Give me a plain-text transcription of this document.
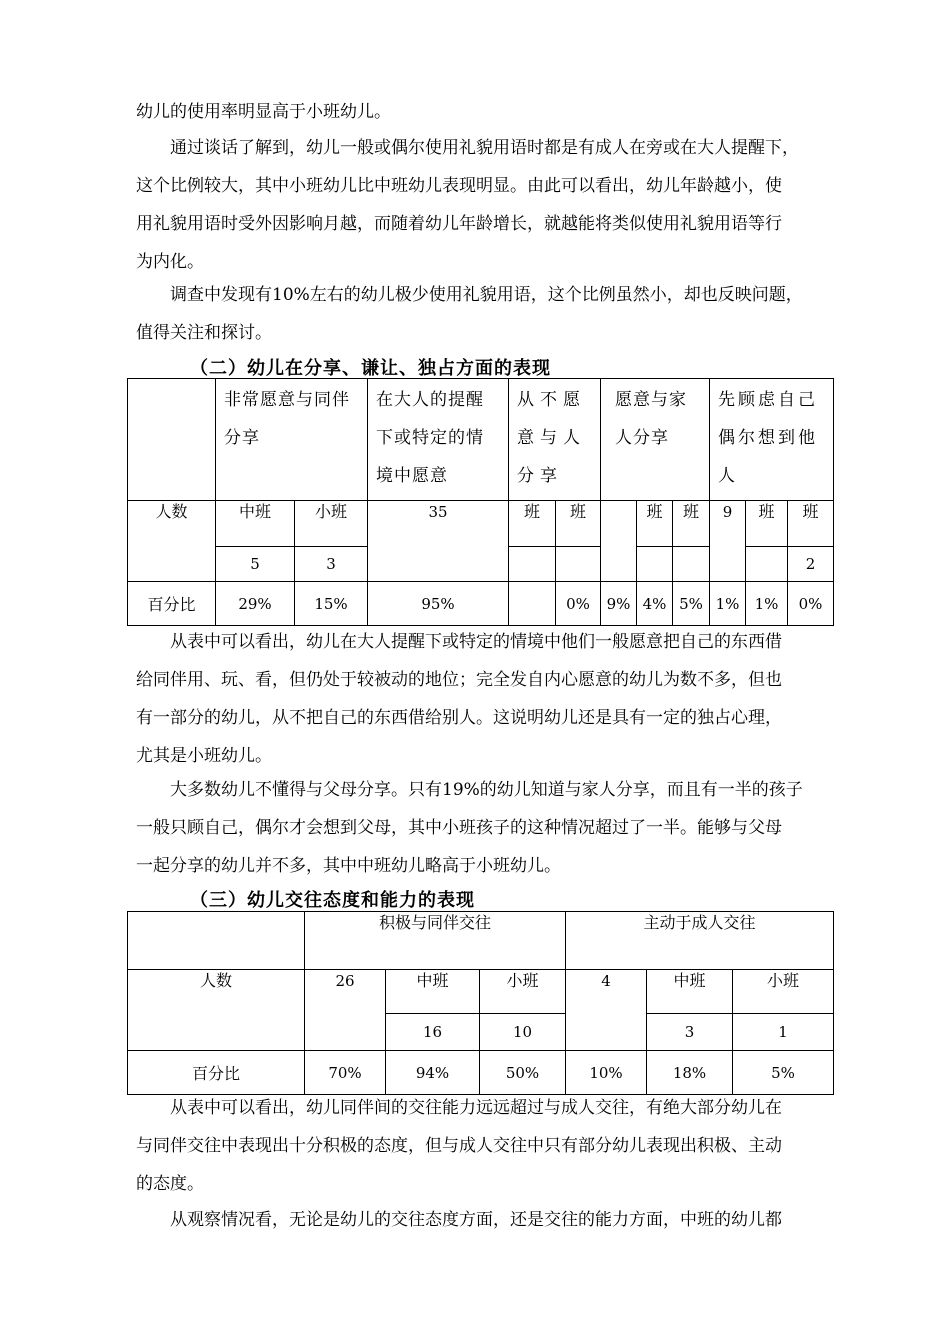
幼儿的使用率明显高于小班幼儿。
　　通过谈话了解到，幼儿一般或偶尔使用礼貌用语时都是有成人在旁或在大人提醒下，
这个比例较大，其中小班幼儿比中班幼儿表现明显。由此可以看出，幼儿年龄越小，使
用礼貌用语时受外因影响月越，而随着幼儿年龄增长，就越能将类似使用礼貌用语等行
为内化。
　　调查中发现有10%左右的幼儿极少使用礼貌用语，这个比例虽然小，却也反映问题，
值得关注和探讨。
（二）幼儿在分享、谦让、独占方面的表现

	非常愿意与同伴分享		在大人的提醒下或特定的情境中愿意	从不愿意与人分享		愿意与家人分享			先顾虑自己偶尔想到他人		

人数	中班	小班	35	班	班		班	班	9	班	班
	5	3									2
百分比	29%	15%	95%		0%	9%	4%	5%	1%	1%	0%
　　从表中可以看出，幼儿在大人提醒下或特定的情境中他们一般愿意把自己的东西借
给同伴用、玩、看，但仍处于较被动的地位；完全发自内心愿意的幼儿为数不多，但也
有一部分的幼儿，从不把自己的东西借给别人。这说明幼儿还是具有一定的独占心理，
尤其是小班幼儿。
　　大多数幼儿不懂得与父母分享。只有19%的幼儿知道与家人分享，而且有一半的孩子
一般只顾自己，偶尔才会想到父母，其中小班孩子的这种情况超过了一半。能够与父母
一起分享的幼儿并不多，其中中班幼儿略高于小班幼儿。
（三）幼儿交往态度和能力的表现
	积极与同伴交往			主动于成人交往		
人数	26	中班	小班	4	中班	小班
		16	10		3	1
百分比	70%	94%	50%	10%	18%	5%
　　从表中可以看出，幼儿同伴间的交往能力远远超过与成人交往，有绝大部分幼儿在
与同伴交往中表现出十分积极的态度，但与成人交往中只有部分幼儿表现出积极、主动
的态度。
　　从观察情况看，无论是幼儿的交往态度方面，还是交往的能力方面，中班的幼儿都
